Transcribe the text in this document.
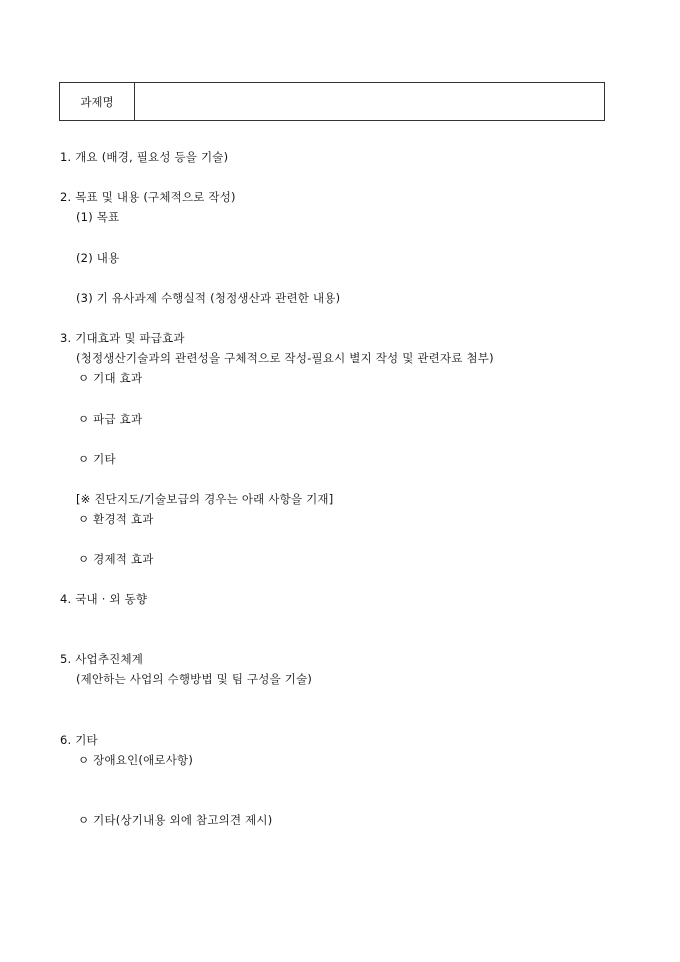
과제명
1. 개요 (배경, 필요성 등을 기술)
2. 목표 및 내용 (구체적으로 작성)
(1) 목표
(2) 내용
(3) 기 유사과제 수행실적 (청정생산과 관련한 내용)
3. 기대효과 및 파급효과
(청정생산기술과의 관련성을 구체적으로 작성-필요시 별지 작성 및 관련자료 첨부)
ㅇ 기대 효과
ㅇ 파급 효과
ㅇ 기타
[※ 진단지도/기술보급의 경우는 아래 사항을 기재]
ㅇ 환경적 효과
ㅇ 경제적 효과
4. 국내 · 외 동향
5. 사업추진체계
(제안하는 사업의 수행방법 및 팀 구성을 기술)
6. 기타
ㅇ 장애요인(애로사항)
ㅇ 기타(상기내용 외에 참고의견 제시)
